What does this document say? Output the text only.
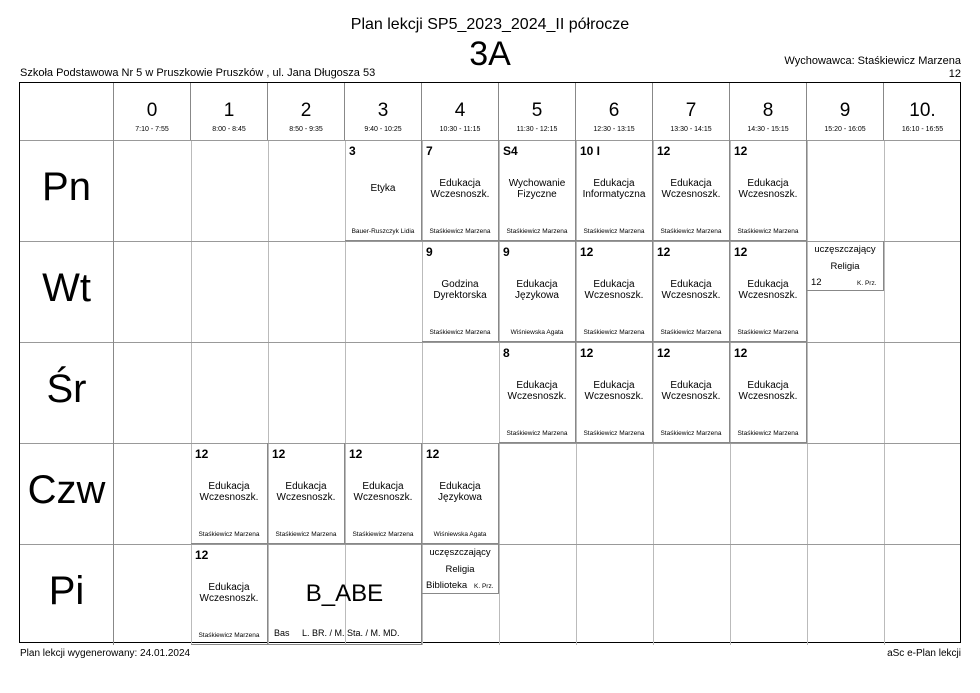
Plan lekcji SP5_2023_2024_II półrocze
3A
Szkoła Podstawowa Nr 5 w Pruszkowie Pruszków , ul. Jana Długosza 53
Wychowawca: Staśkiewicz Marzena
12
0
7:10 - 7:55
1
8:00 - 8:45
2
8:50 - 9:35
3
9:40 - 10:25
4
10:30 - 11:15
5
11:30 - 12:15
6
12:30 - 13:15
7
13:30 - 14:15
8
14:30 - 15:15
9
15:20 - 16:05
10.
16:10 - 16:55
Pn
Wt
Śr
Czw
Pi
3
Etyka
Bauer-Ruszczyk Lidia
7
Edukacja Wczesnoszk.
Staśkiewicz Marzena
S4
Wychowanie Fizyczne
Staśkiewicz Marzena
10 I
Edukacja Informatyczna
Staśkiewicz Marzena
12
Edukacja Wczesnoszk.
Staśkiewicz Marzena
12
Edukacja Wczesnoszk.
Staśkiewicz Marzena
9
Godzina Dyrektorska
Staśkiewicz Marzena
9
Edukacja Językowa
Wiśniewska Agata
12
Edukacja Wczesnoszk.
Staśkiewicz Marzena
12
Edukacja Wczesnoszk.
Staśkiewicz Marzena
12
Edukacja Wczesnoszk.
Staśkiewicz Marzena
8
Edukacja Wczesnoszk.
Staśkiewicz Marzena
12
Edukacja Wczesnoszk.
Staśkiewicz Marzena
12
Edukacja Wczesnoszk.
Staśkiewicz Marzena
12
Edukacja Wczesnoszk.
Staśkiewicz Marzena
12
Edukacja Wczesnoszk.
Staśkiewicz Marzena
12
Edukacja Wczesnoszk.
Staśkiewicz Marzena
12
Edukacja Wczesnoszk.
Staśkiewicz Marzena
12
Edukacja Językowa
Wiśniewska Agata
12
Edukacja Wczesnoszk.
Staśkiewicz Marzena
uczęszczający
Religia
12	K. Prz.
uczęszczający
Religia
Biblioteka K. Prz.
B_ABE
Bas L. BR. / M. Sta. / M. MD.
Plan lekcji wygenerowany: 24.01.2024	aSc e-Plan lekcji
